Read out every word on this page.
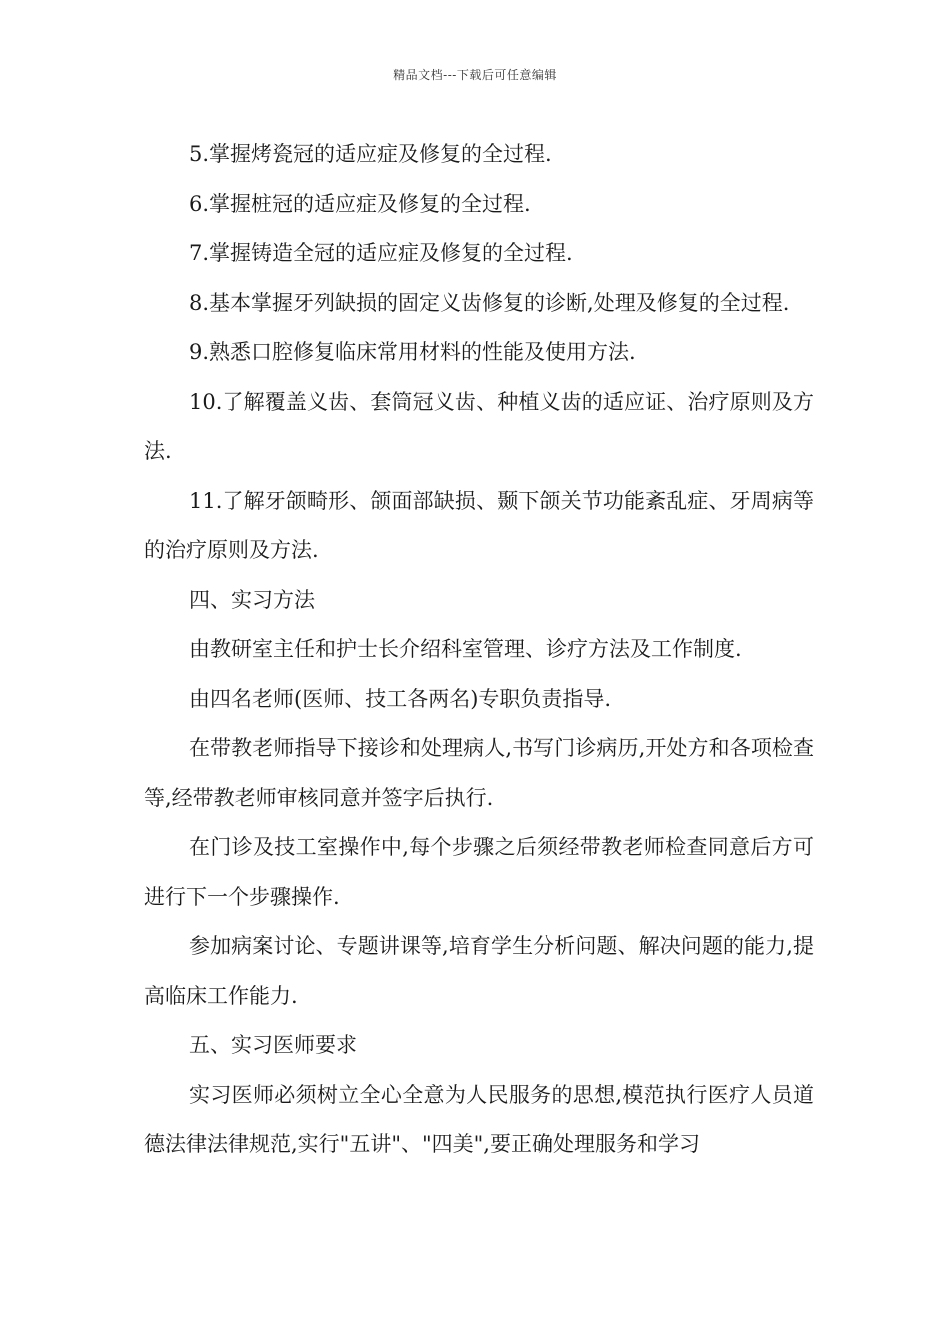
精品文档---下载后可任意编辑

5.掌握烤瓷冠的适应症及修复的全过程.

6.掌握桩冠的适应症及修复的全过程.

7.掌握铸造全冠的适应症及修复的全过程.

8.基本掌握牙列缺损的固定义齿修复的诊断,处理及修复的全过程.

9.熟悉口腔修复临床常用材料的性能及使用方法.

10.了解覆盖义齿、套筒冠义齿、种植义齿的适应证、治疗原则及方法.

11.了解牙颌畸形、颌面部缺损、颞下颌关节功能紊乱症、牙周病等的治疗原则及方法.

四、实习方法

由教研室主任和护士长介绍科室管理、诊疗方法及工作制度.

由四名老师(医师、技工各两名)专职负责指导.

在带教老师指导下接诊和处理病人,书写门诊病历,开处方和各项检查等,经带教老师审核同意并签字后执行.

在门诊及技工室操作中,每个步骤之后须经带教老师检查同意后方可进行下一个步骤操作.

参加病案讨论、专题讲课等,培育学生分析问题、解决问题的能力,提高临床工作能力.

五、实习医师要求

实习医师必须树立全心全意为人民服务的思想,模范执行医疗人员道德法律法律规范,实行"五讲"、"四美",要正确处理服务和学习
